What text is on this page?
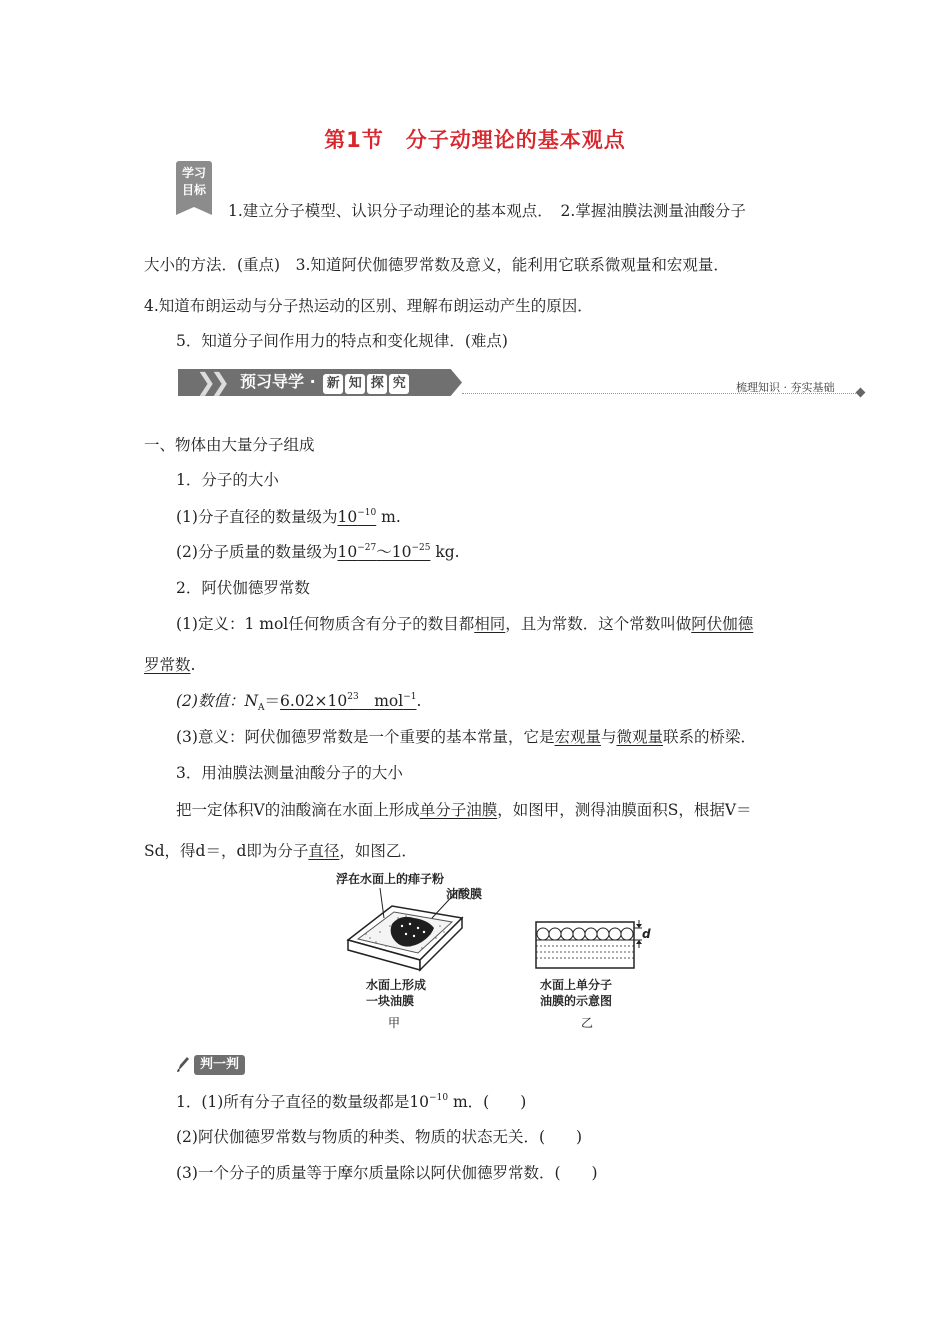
第1节　分子动理论的基本观点
学习目标
1.建立分子模型、认识分子动理论的基本观点．　2.掌握油膜法测量油酸分子
大小的方法．(重点)　3.知道阿伏伽德罗常数及意义，能利用它联系微观量和宏观量．
4.知道布朗运动与分子热运动的区别、理解布朗运动产生的原因．
5．知道分子间作用力的特点和变化规律．(难点)
❯❯ 预习导学 · 新 知 探 究	梳理知识 · 夯实基础
一、物体由大量分子组成
1．分子的大小
(1)分子直径的数量级为$10^{-10}$ m.
(2)分子质量的数量级为$10^{-27}\sim 10^{-25}$ kg.
2．阿伏伽德罗常数
(1)定义：1 mol任何物质含有分子的数目都相同，且为常数．这个常数叫做阿伏伽德
罗常数.
(2)数值：$N_A=6.02\times 10^{23}$　mol$^{-1}$.
(3)意义：阿伏伽德罗常数是一个重要的基本常量，它是宏观量与微观量联系的桥梁．
3．用油膜法测量油酸分子的大小
把一定体积V的油酸滴在水面上形成单分子油膜，如图甲，测得油膜面积S，根据V＝
Sd，得d＝，d即为分子直径，如图乙．
浮在水面上的痱子粉
油酸膜
水面上形成
一块油膜
甲
d
水面上单分子
油膜的示意图
乙
判一判
1．(1)所有分子直径的数量级都是$10^{-10}$ m．(　　)
(2)阿伏伽德罗常数与物质的种类、物质的状态无关．(　　)
(3)一个分子的质量等于摩尔质量除以阿伏伽德罗常数．(　　)
